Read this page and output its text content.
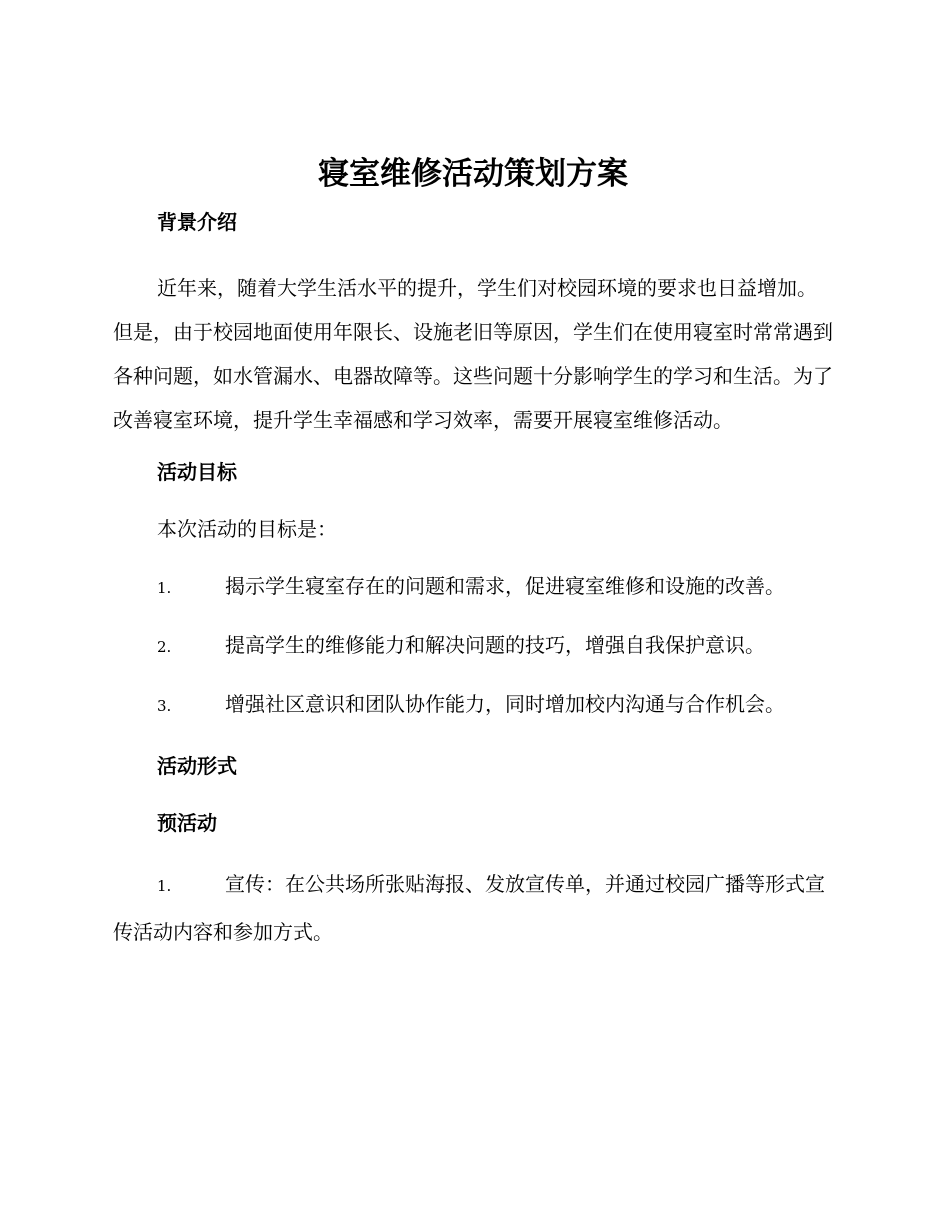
寝室维修活动策划方案
背景介绍

近年来，随着大学生活水平的提升，学生们对校园环境的要求也日益增加。但是，由于校园地面使用年限长、设施老旧等原因，学生们在使用寝室时常常遇到各种问题，如水管漏水、电器故障等。这些问题十分影响学生的学习和生活。为了改善寝室环境，提升学生幸福感和学习效率，需要开展寝室维修活动。

活动目标

本次活动的目标是：

1.	揭示学生寝室存在的问题和需求，促进寝室维修和设施的改善。

2.	提高学生的维修能力和解决问题的技巧，增强自我保护意识。

3.	增强社区意识和团队协作能力，同时增加校内沟通与合作机会。

活动形式
预活动

1.	宣传：在公共场所张贴海报、发放宣传单，并通过校园广播等形式宣传活动内容和参加方式。
